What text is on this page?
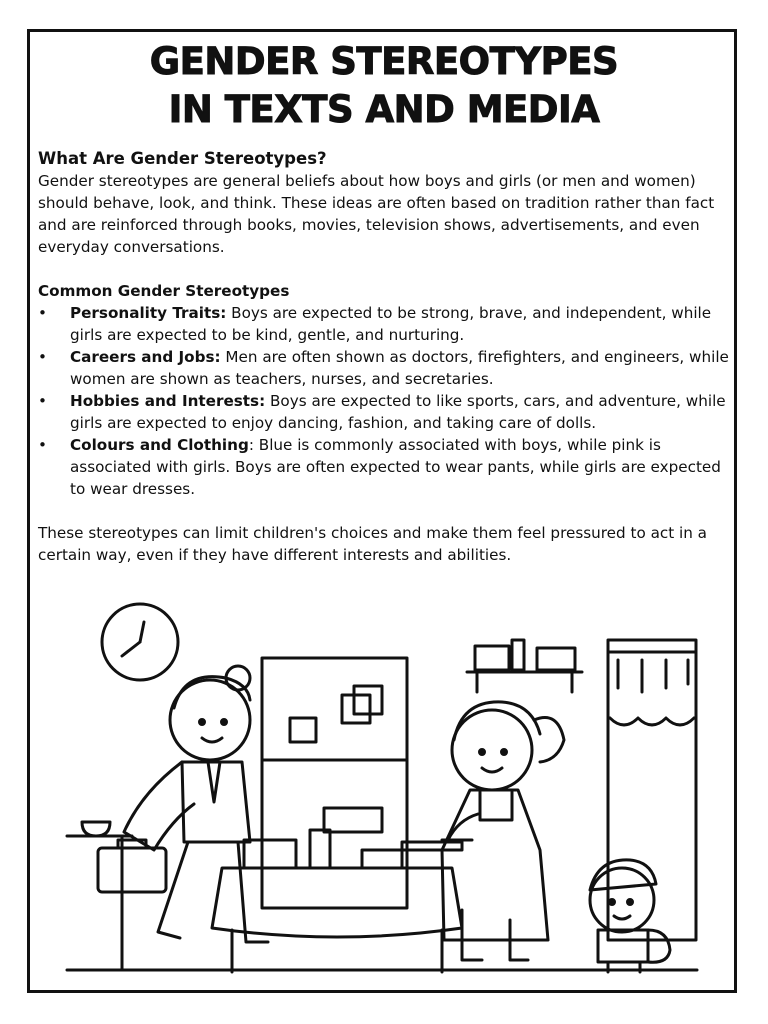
GENDER STEREOTYPES
IN TEXTS AND MEDIA

What Are Gender Stereotypes?

Gender stereotypes are general beliefs about how boys and girls (or men and women) should behave, look, and think. These ideas are often based on tradition rather than fact and are reinforced through books, movies, television shows, advertisements, and even everyday conversations.

Common Gender Stereotypes

• Personality Traits: Boys are expected to be strong, brave, and independent, while girls are expected to be kind, gentle, and nurturing.
• Careers and Jobs: Men are often shown as doctors, firefighters, and engineers, while women are shown as teachers, nurses, and secretaries.
• Hobbies and Interests: Boys are expected to like sports, cars, and adventure, while girls are expected to enjoy dancing, fashion, and taking care of dolls.
• Colours and Clothing: Blue is commonly associated with boys, while pink is associated with girls. Boys are often expected to wear pants, while girls are expected to wear dresses.

These stereotypes can limit children's choices and make them feel pressured to act in a certain way, even if they have different interests and abilities.
